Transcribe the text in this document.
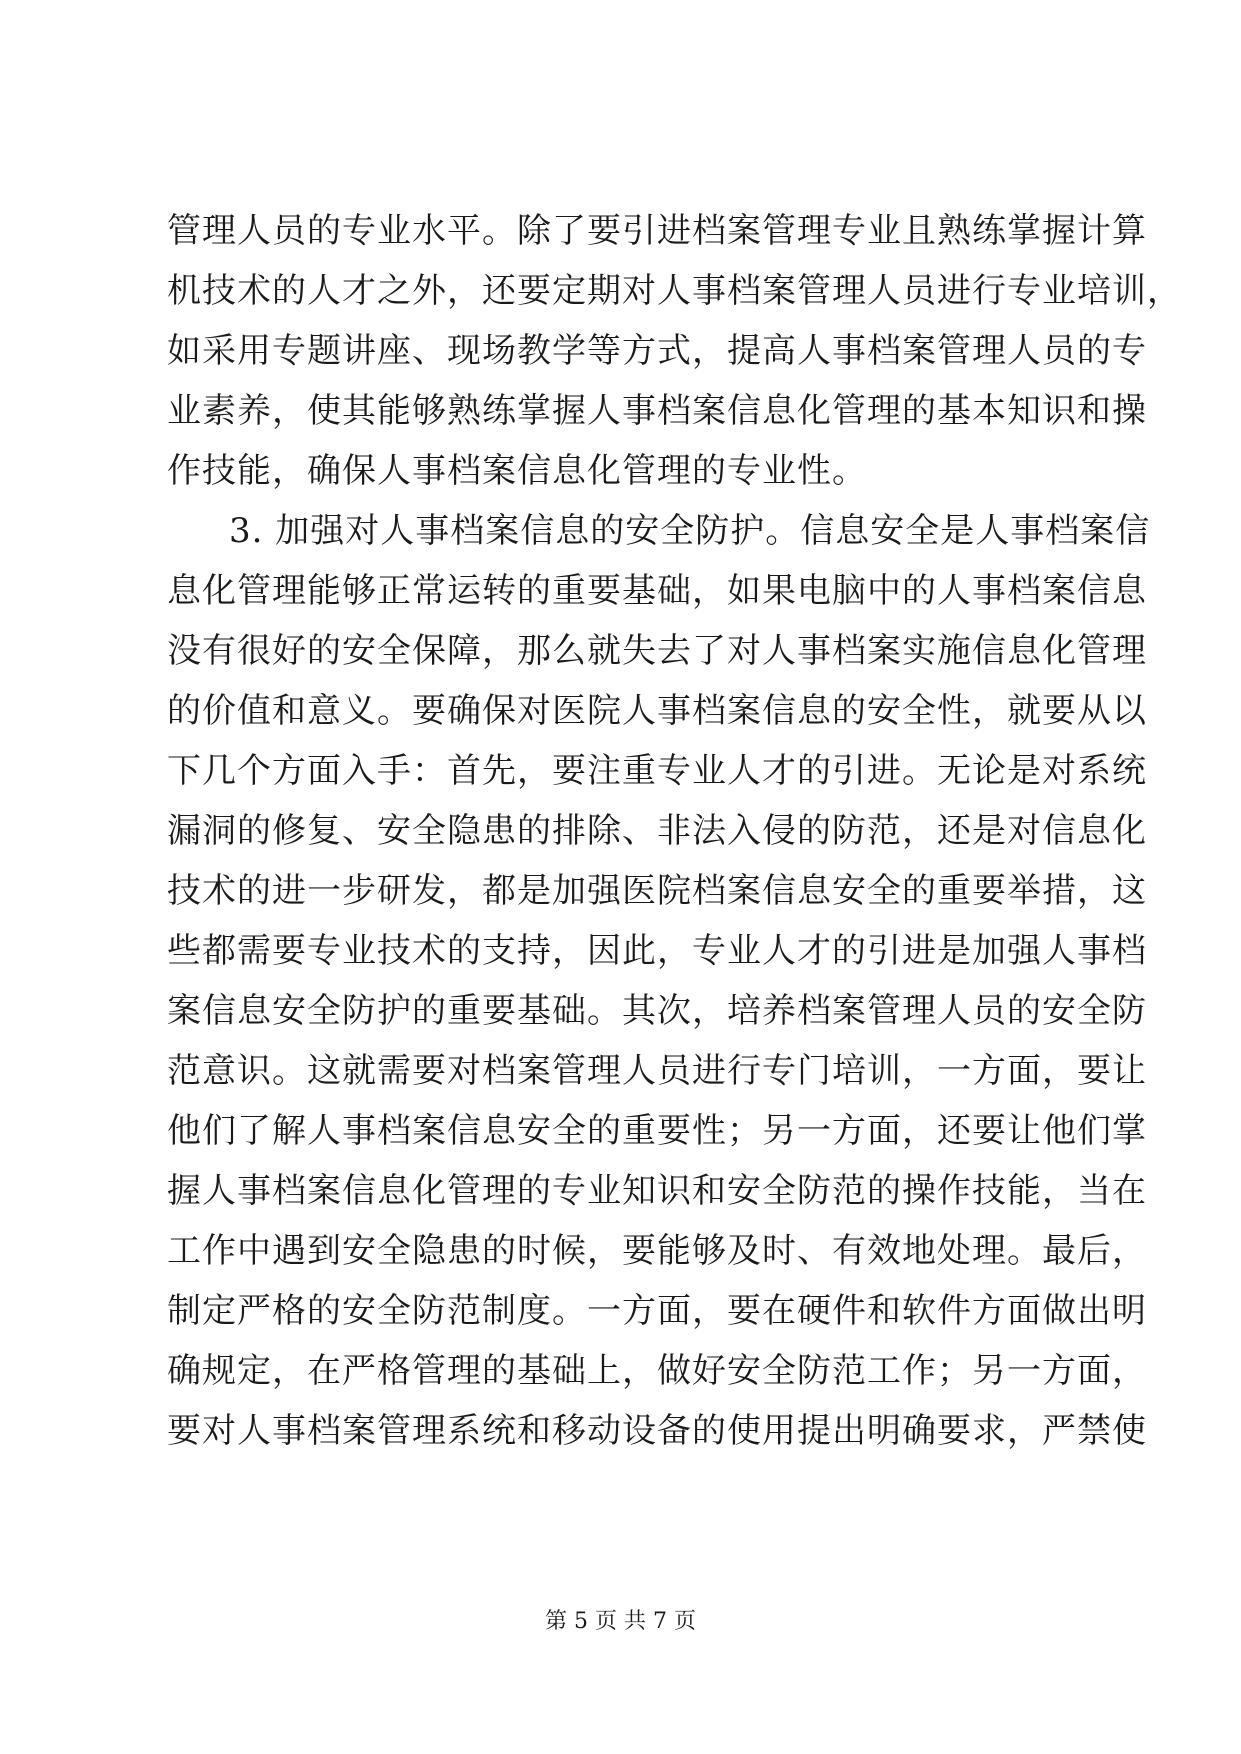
管理人员的专业水平。除了要引进档案管理专业且熟练掌握计算
机技术的人才之外，还要定期对人事档案管理人员进行专业培训，
如采用专题讲座、现场教学等方式，提高人事档案管理人员的专
业素养，使其能够熟练掌握人事档案信息化管理的基本知识和操
作技能，确保人事档案信息化管理的专业性。
3. 加强对人事档案信息的安全防护。信息安全是人事档案信
息化管理能够正常运转的重要基础，如果电脑中的人事档案信息
没有很好的安全保障，那么就失去了对人事档案实施信息化管理
的价值和意义。要确保对医院人事档案信息的安全性，就要从以
下几个方面入手：首先，要注重专业人才的引进。无论是对系统
漏洞的修复、安全隐患的排除、非法入侵的防范，还是对信息化
技术的进一步研发，都是加强医院档案信息安全的重要举措，这
些都需要专业技术的支持，因此，专业人才的引进是加强人事档
案信息安全防护的重要基础。其次，培养档案管理人员的安全防
范意识。这就需要对档案管理人员进行专门培训，一方面，要让
他们了解人事档案信息安全的重要性；另一方面，还要让他们掌
握人事档案信息化管理的专业知识和安全防范的操作技能，当在
工作中遇到安全隐患的时候，要能够及时、有效地处理。最后，
制定严格的安全防范制度。一方面，要在硬件和软件方面做出明
确规定，在严格管理的基础上，做好安全防范工作；另一方面，
要对人事档案管理系统和移动设备的使用提出明确要求，严禁使
第 5 页 共 7 页
